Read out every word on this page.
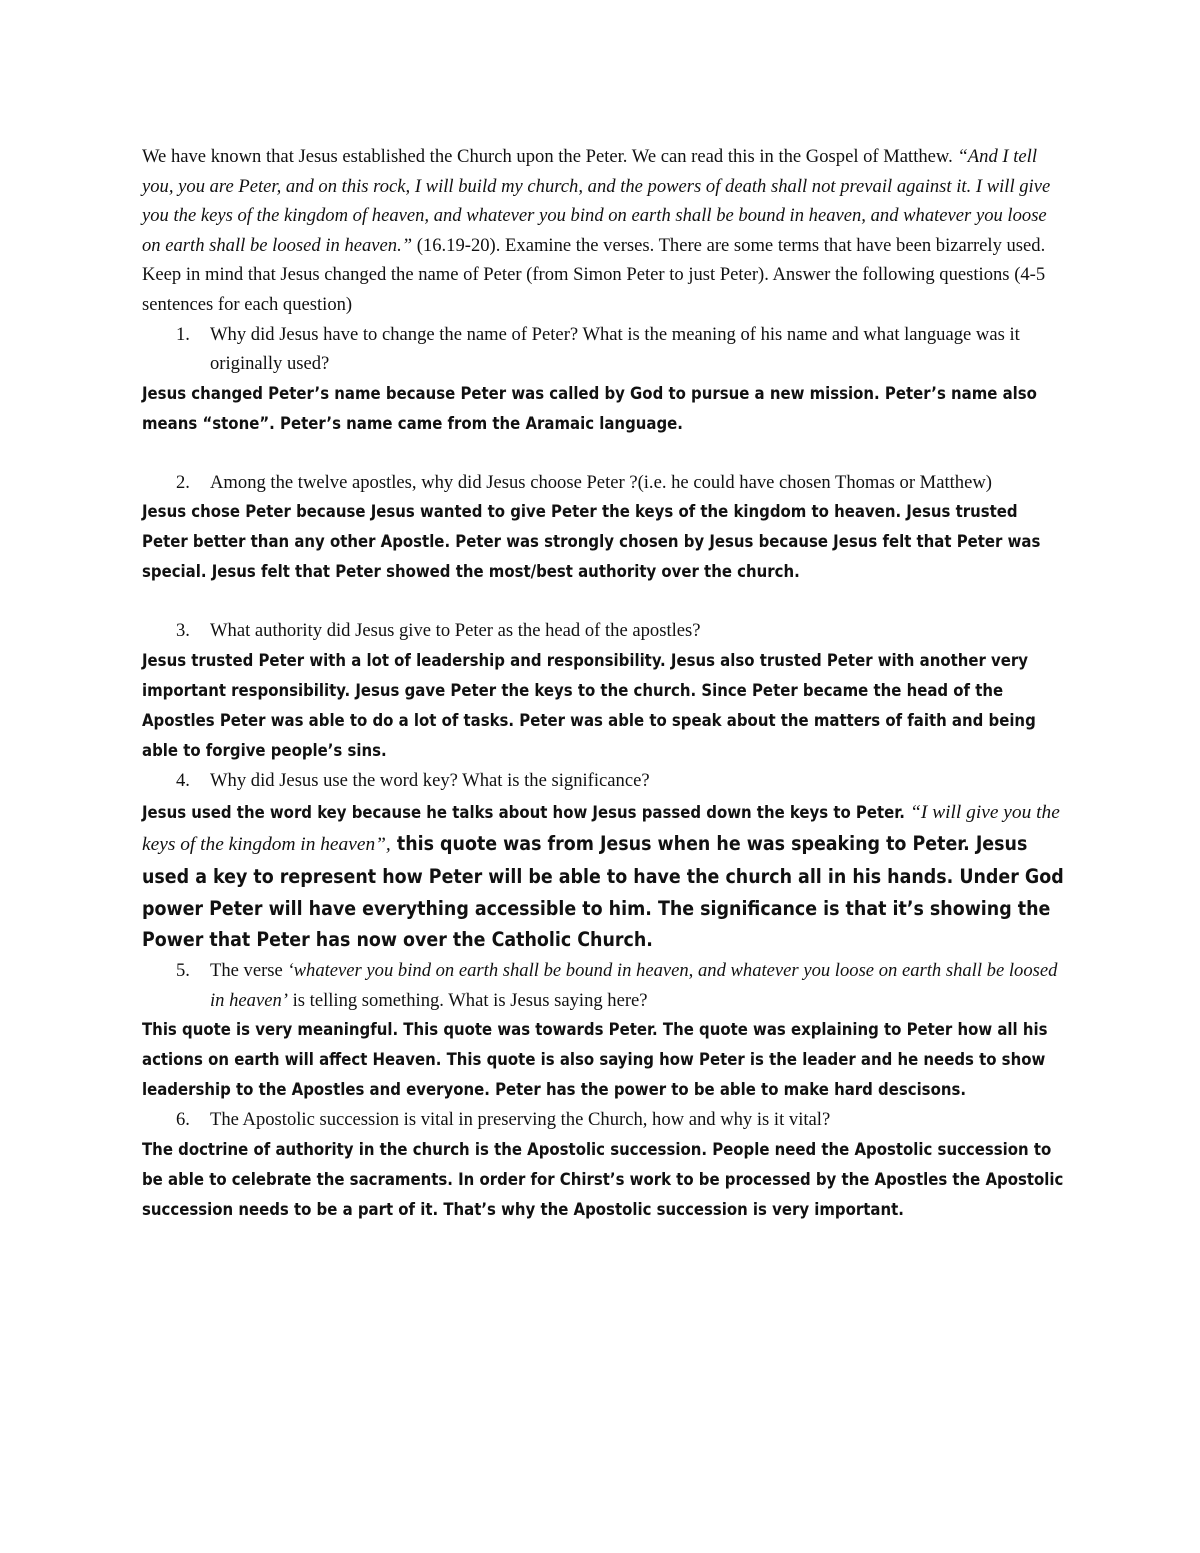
We have known that Jesus established the Church upon the Peter. We can read this in the Gospel of Matthew. “And I tell you, you are Peter, and on this rock, I will build my church, and the powers of death shall not prevail against it. I will give you the keys of the kingdom of heaven, and whatever you bind on earth shall be bound in heaven, and whatever you loose on earth shall be loosed in heaven.” (16.19-20). Examine the verses. There are some terms that have been bizarrely used. Keep in mind that Jesus changed the name of Peter (from Simon Peter to just Peter). Answer the following questions (4-5 sentences for each question)

1. Why did Jesus have to change the name of Peter? What is the meaning of his name and what language was it originally used?

Jesus changed Peter’s name because Peter was called by God to pursue a new mission. Peter’s name also means “stone”. Peter’s name came from the Aramaic language.

2. Among the twelve apostles, why did Jesus choose Peter ?(i.e. he could have chosen Thomas or Matthew)

Jesus chose Peter because Jesus wanted to give Peter the keys of the kingdom to heaven. Jesus trusted Peter better than any other Apostle. Peter was strongly chosen by Jesus because Jesus felt that Peter was special. Jesus felt that Peter showed the most/best authority over the church.

3. What authority did Jesus give to Peter as the head of the apostles?

Jesus trusted Peter with a lot of leadership and responsibility. Jesus also trusted Peter with another very important responsibility. Jesus gave Peter the keys to the church. Since Peter became the head of the Apostles Peter was able to do a lot of tasks. Peter was able to speak about the matters of faith and being able to forgive people’s sins.

4. Why did Jesus use the word key? What is the significance?

Jesus used the word key because he talks about how Jesus passed down the keys to Peter. “I will give you the keys of the kingdom in heaven”, this quote was from Jesus when he was speaking to Peter. Jesus used a key to represent how Peter will be able to have the church all in his hands. Under God power Peter will have everything accessible to him. The significance is that it’s showing the Power that Peter has now over the Catholic Church.

5. The verse ‘whatever you bind on earth shall be bound in heaven, and whatever you loose on earth shall be loosed in heaven’ is telling something. What is Jesus saying here?

This quote is very meaningful. This quote was towards Peter. The quote was explaining to Peter how all his actions on earth will affect Heaven. This quote is also saying how Peter is the leader and he needs to show leadership to the Apostles and everyone. Peter has the power to be able to make hard descisons.

6. The Apostolic succession is vital in preserving the Church, how and why is it vital?

The doctrine of authority in the church is the Apostolic succession. People need the Apostolic succession to be able to celebrate the sacraments. In order for Chirst’s work to be processed by the Apostles the Apostolic succession needs to be a part of it. That’s why the Apostolic succession is very important.
